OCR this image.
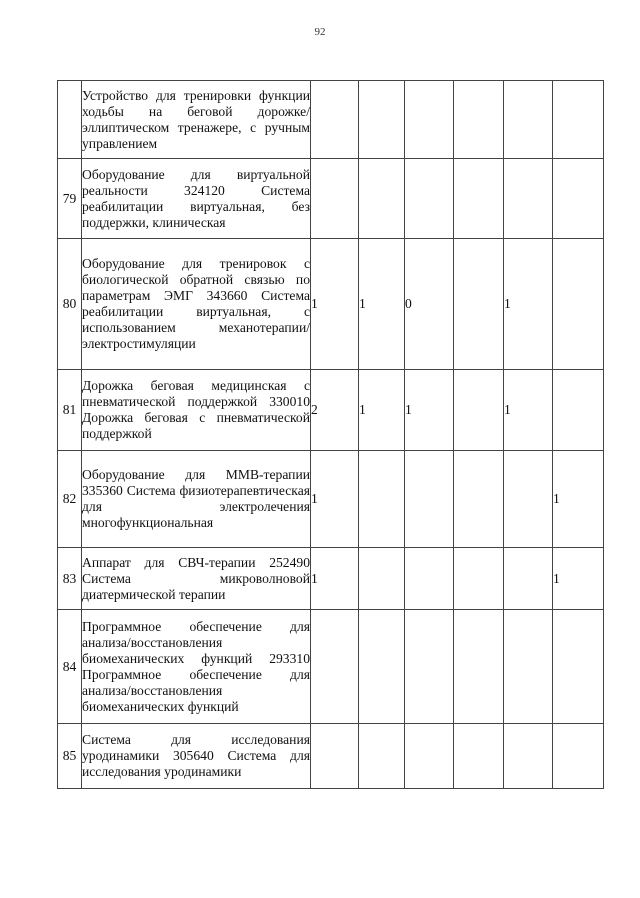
92
	Устройство для тренировки функции ходьбы на беговой дорожке/эллиптическом тренажере, с ручным управлением						
79	Оборудование для виртуальной реальности 324120 Система реабилитации виртуальная, без поддержки, клиническая						
80	Оборудование для тренировок с биологической обратной связью по параметрам ЭМГ 343660 Система реабилитации виртуальная, с использованием механотерапии/электростимуляции	1	1	0		1	
81	Дорожка беговая медицинская с пневматической поддержкой 330010 Дорожка беговая с пневматической поддержкой	2	1	1		1	
82	Оборудование для ММВ-терапии 335360 Система физиотерапевтическая для электролечения многофункциональная	1					1
83	Аппарат для СВЧ-терапии 252490 Система микроволновой диатермической терапии	1					1
84	Программное обеспечение для анализа/восстановления биомеханических функций 293310 Программное обеспечение для анализа/восстановления биомеханических функций						
85	Система для исследования уродинамики 305640 Система для исследования уродинамики						
